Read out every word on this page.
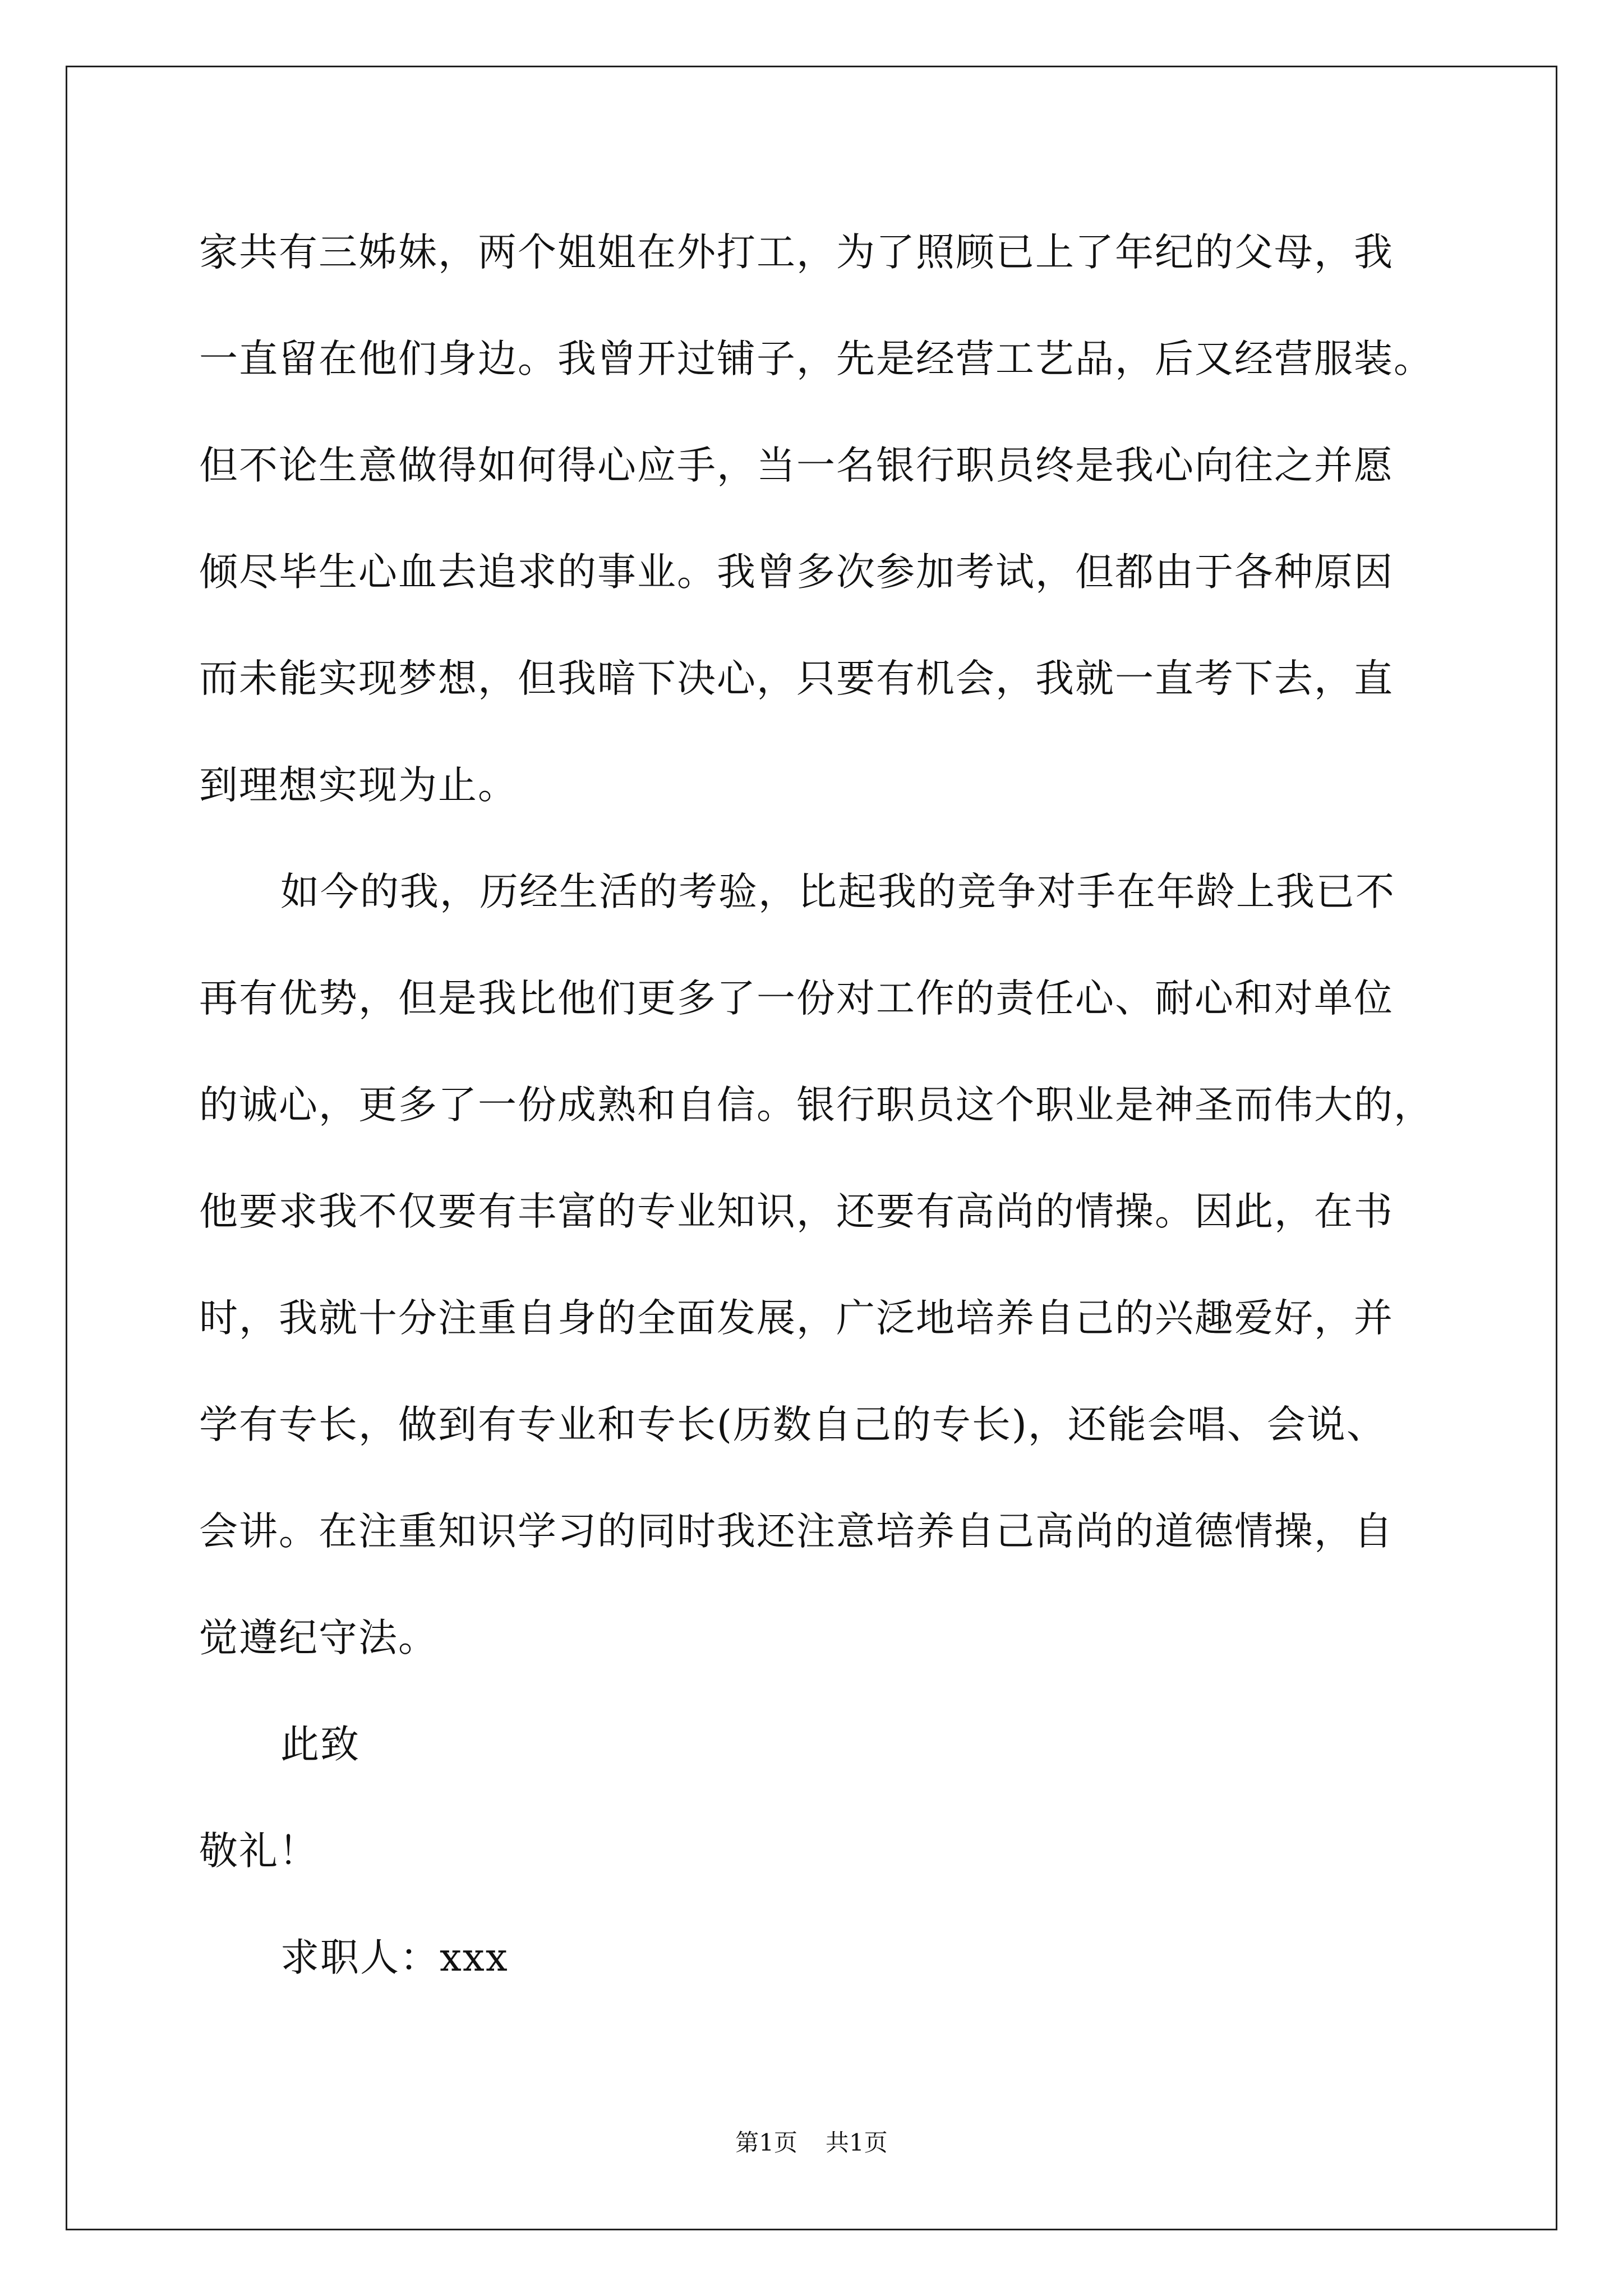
家共有三姊妹，两个姐姐在外打工，为了照顾已上了年纪的父母，我
一直留在他们身边。我曾开过铺子，先是经营工艺品，后又经营服装。
但不论生意做得如何得心应手，当一名银行职员终是我心向往之并愿
倾尽毕生心血去追求的事业。我曾多次参加考试，但都由于各种原因
而未能实现梦想，但我暗下决心，只要有机会，我就一直考下去，直
到理想实现为止。
如今的我，历经生活的考验，比起我的竞争对手在年龄上我已不
再有优势，但是我比他们更多了一份对工作的责任心、耐心和对单位
的诚心，更多了一份成熟和自信。银行职员这个职业是神圣而伟大的，
他要求我不仅要有丰富的专业知识，还要有高尚的情操。因此，在书
时，我就十分注重自身的全面发展，广泛地培养自己的兴趣爱好，并
学有专长，做到有专业和专长(历数自己的专长)，还能会唱、会说、
会讲。在注重知识学习的同时我还注意培养自己高尚的道德情操，自
觉遵纪守法。
此致
敬礼！
求职人：xxx
第1页 共1页
